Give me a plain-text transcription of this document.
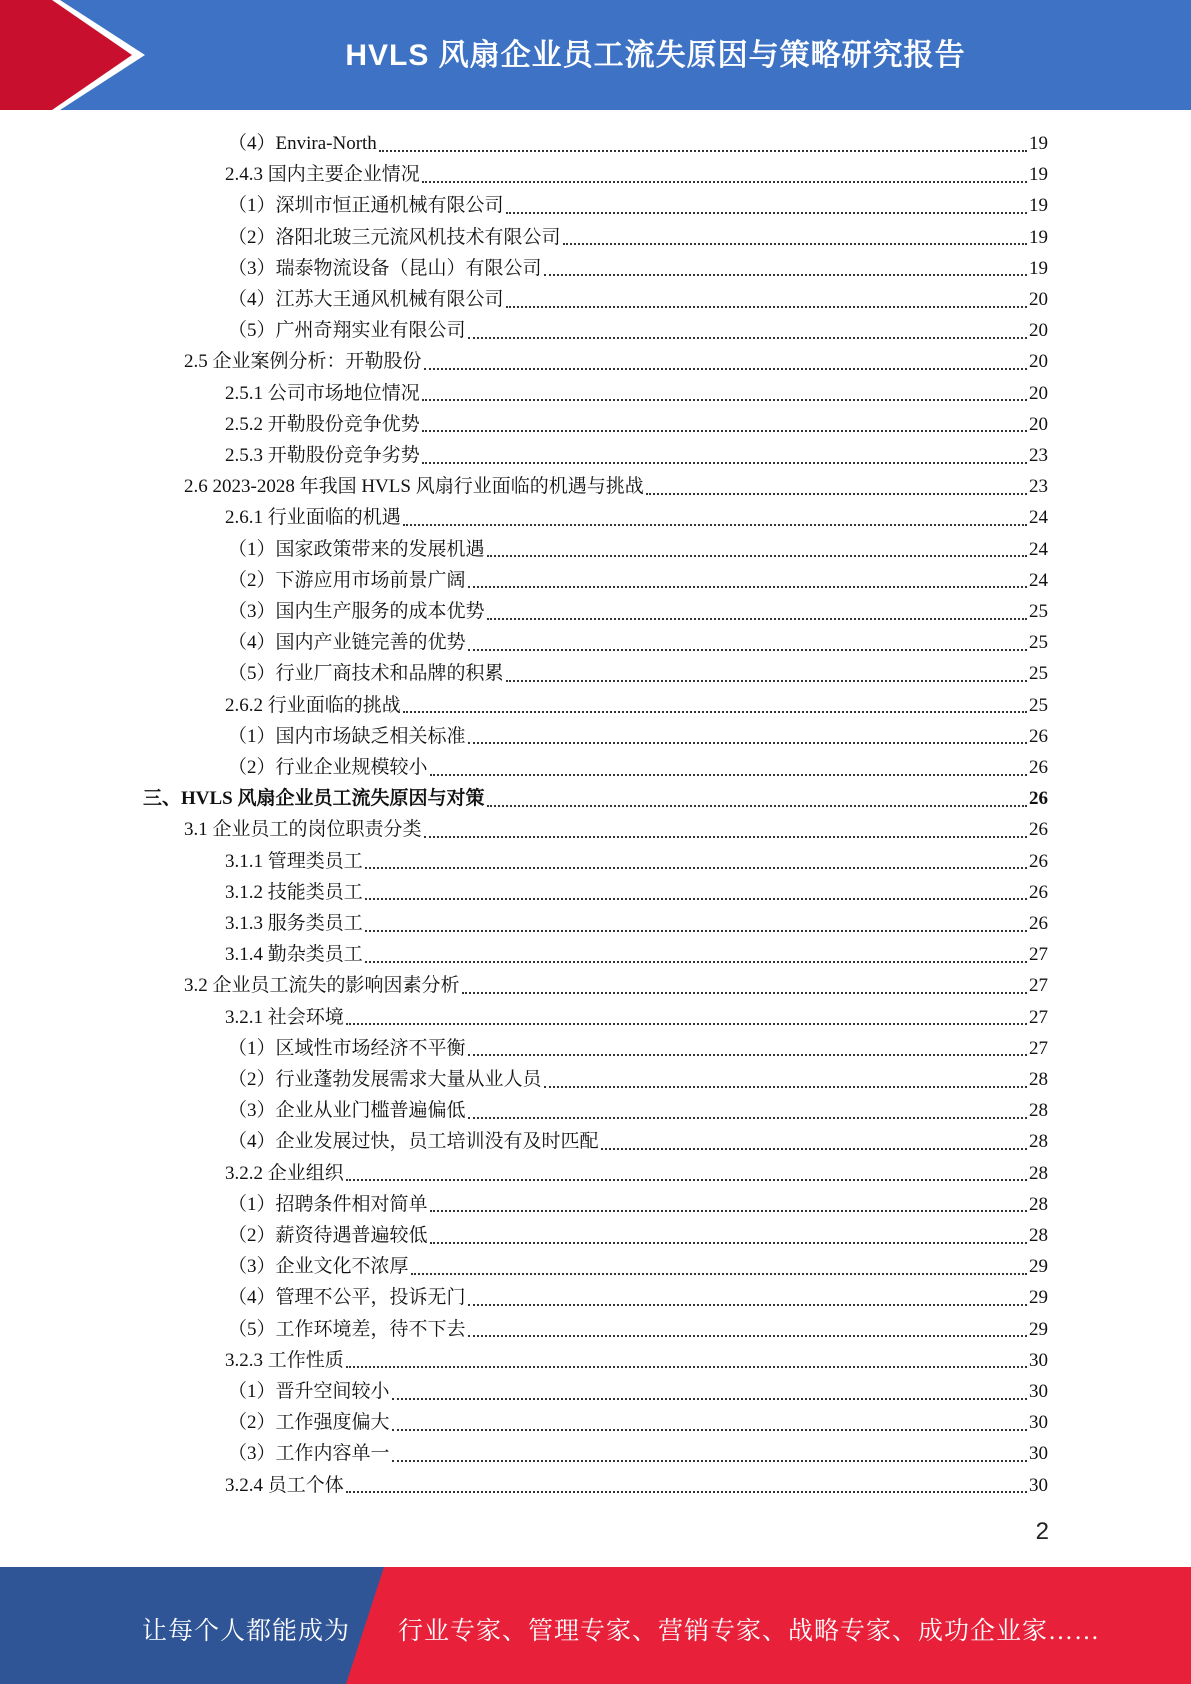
HVLS 风扇企业员工流失原因与策略研究报告
（4）Envira-North	19
2.4.3 国内主要企业情况	19
（1）深圳市恒正通机械有限公司	19
（2）洛阳北玻三元流风机技术有限公司	19
（3）瑞泰物流设备（昆山）有限公司	19
（4）江苏大王通风机械有限公司	20
（5）广州奇翔实业有限公司	20
2.5 企业案例分析：开勒股份	20
2.5.1 公司市场地位情况	20
2.5.2 开勒股份竞争优势	20
2.5.3 开勒股份竞争劣势	23
2.6 2023-2028 年我国 HVLS 风扇行业面临的机遇与挑战	23
2.6.1 行业面临的机遇	24
（1）国家政策带来的发展机遇	24
（2）下游应用市场前景广阔	24
（3）国内生产服务的成本优势	25
（4）国内产业链完善的优势	25
（5）行业厂商技术和品牌的积累	25
2.6.2 行业面临的挑战	25
（1）国内市场缺乏相关标准	26
（2）行业企业规模较小	26
三、HVLS 风扇企业员工流失原因与对策	26
3.1 企业员工的岗位职责分类	26
3.1.1 管理类员工	26
3.1.2 技能类员工	26
3.1.3 服务类员工	26
3.1.4 勤杂类员工	27
3.2 企业员工流失的影响因素分析	27
3.2.1 社会环境	27
（1）区域性市场经济不平衡	27
（2）行业蓬勃发展需求大量从业人员	28
（3）企业从业门槛普遍偏低	28
（4）企业发展过快，员工培训没有及时匹配	28
3.2.2 企业组织	28
（1）招聘条件相对简单	28
（2）薪资待遇普遍较低	28
（3）企业文化不浓厚	29
（4）管理不公平，投诉无门	29
（5）工作环境差，待不下去	29
3.2.3 工作性质	30
（1）晋升空间较小	30
（2）工作强度偏大	30
（3）工作内容单一	30
3.2.4 员工个体	30
2
让每个人都能成为 行业专家、管理专家、营销专家、战略专家、成功企业家……
